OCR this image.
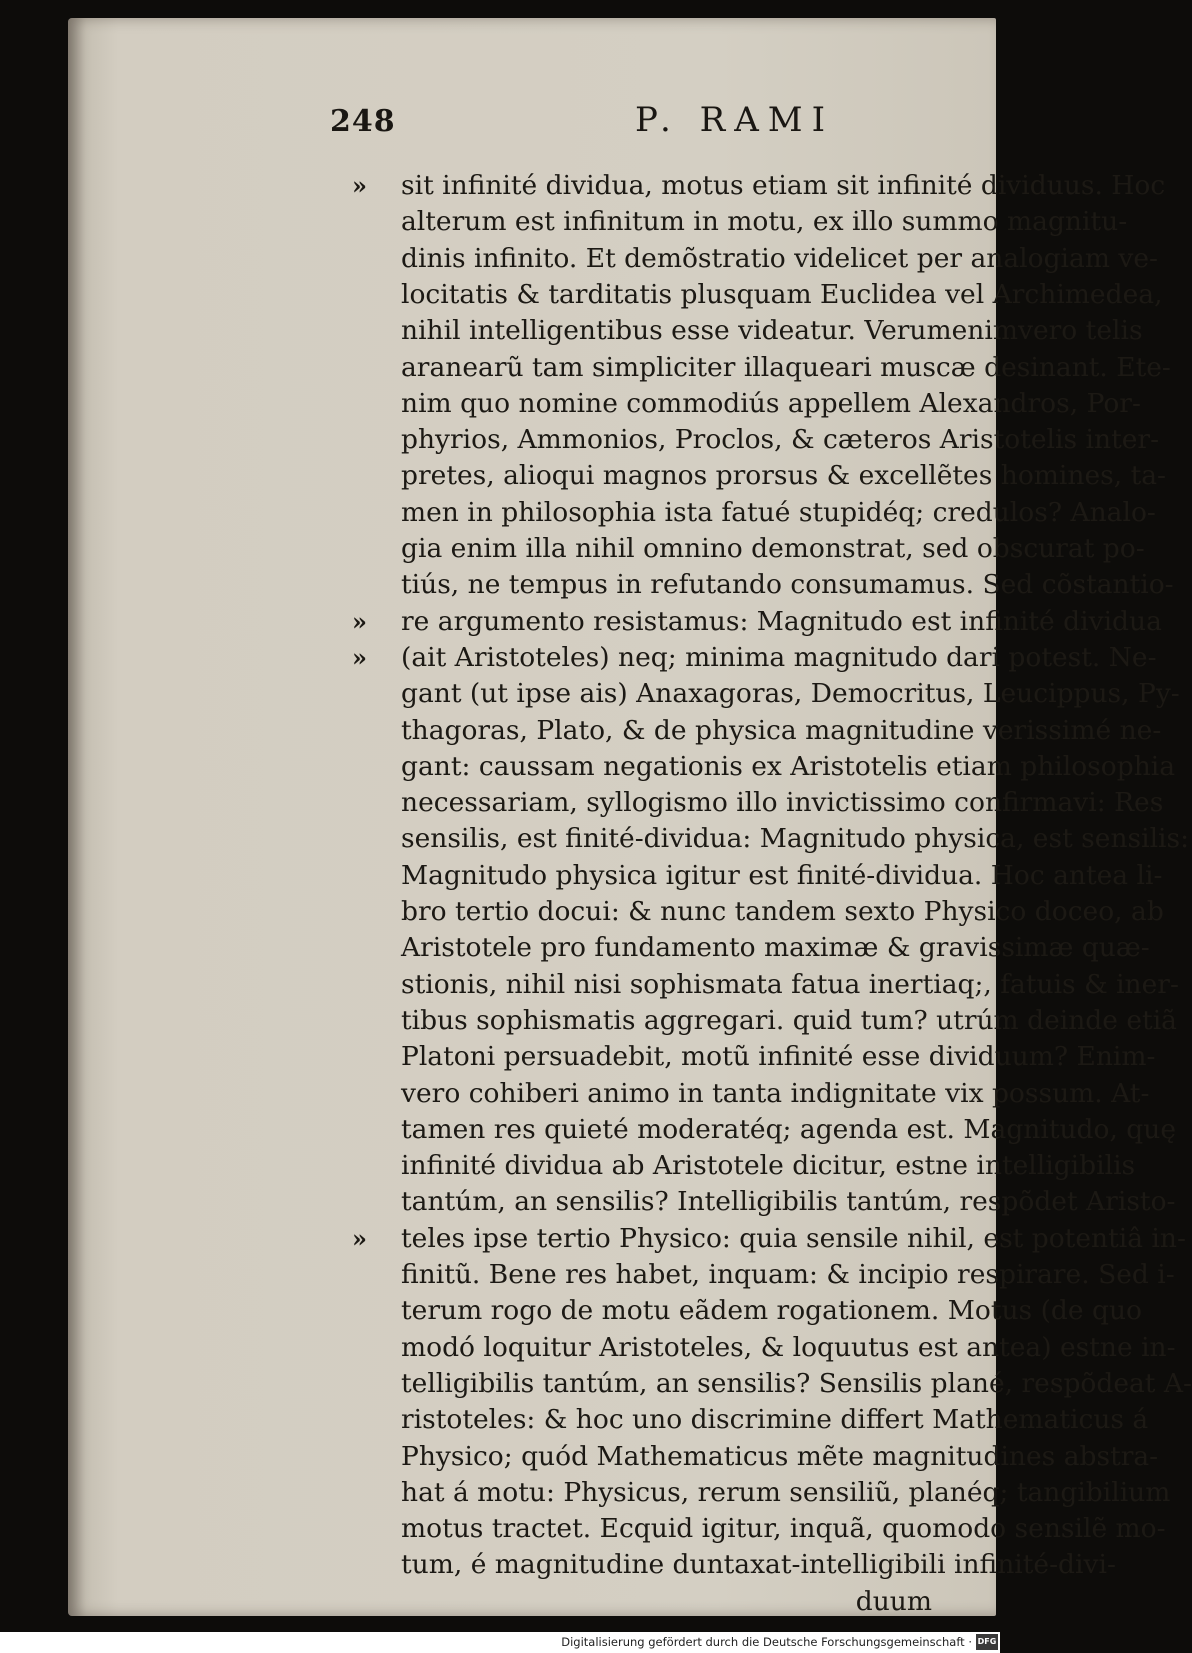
248	P. RAMI
» sit infinité dividua, motus etiam sit infinité dividuus. Hoc
alterum est infinitum in motu, ex illo summo magnitu-
dinis infinito. Et demõstratio videlicet per analogiam ve-
locitatis & tarditatis plusquam Euclidea vel Archimedea,
nihil intelligentibus esse videatur. Verumenimvero telis
aranearũ tam simpliciter illaqueari muscæ desinant. Ete-
nim quo nomine commodiús appellem Alexandros, Por-
phyrios, Ammonios, Proclos, & cæteros Aristotelis inter-
pretes, alioqui magnos prorsus & excellẽtes homines, ta-
men in philosophia ista fatué stupidéq; credulos? Analo-
gia enim illa nihil omnino demonstrat, sed obscurat po-
tiús, ne tempus in refutando consumamus. Sed cõstantio-
» re argumento resistamus: Magnitudo est infinité dividua
» (ait Aristoteles) neq; minima magnitudo dari potest. Ne-
gant (ut ipse ais) Anaxagoras, Democritus, Leucippus, Py-
thagoras, Plato, & de physica magnitudine verissimé ne-
gant: caussam negationis ex Aristotelis etiam philosophia
necessariam, syllogismo illo invictissimo confirmavi: Res
sensilis, est finité-dividua: Magnitudo physica, est sensilis:
Magnitudo physica igitur est finité-dividua. Hoc antea li-
bro tertio docui: & nunc tandem sexto Physico doceo, ab
Aristotele pro fundamento maximæ & gravissimæ quæ-
stionis, nihil nisi sophismata fatua inertiaq;, fatuis & iner-
tibus sophismatis aggregari. quid tum? utrúm deinde etiã
Platoni persuadebit, motũ infinité esse dividuum? Enim-
vero cohiberi animo in tanta indignitate vix possum. At-
tamen res quieté moderatéq; agenda est. Magnitudo, quę
infinité dividua ab Aristotele dicitur, estne intelligibilis
tantúm, an sensilis? Intelligibilis tantúm, respõdet Aristo-
» teles ipse tertio Physico: quia sensile nihil, est potentiâ in-
finitũ. Bene res habet, inquam: & incipio respirare. Sed i-
terum rogo de motu eãdem rogationem. Motus (de quo
modó loquitur Aristoteles, & loquutus est antea) estne in-
telligibilis tantúm, an sensilis? Sensilis plané, respõdeat A-
ristoteles: & hoc uno discrimine differt Mathematicus á
Physico; quód Mathematicus mẽte magnitudines abstra-
hat á motu: Physicus, rerum sensiliũ, planéq; tangibilium
motus tractet. Ecquid igitur, inquã, quomodo sensilẽ mo-
tum, é magnitudine duntaxat-intelligibili infinité-divi-
duum
Digitalisierung gefördert durch die Deutsche Forschungsgemeinschaft · DFG
